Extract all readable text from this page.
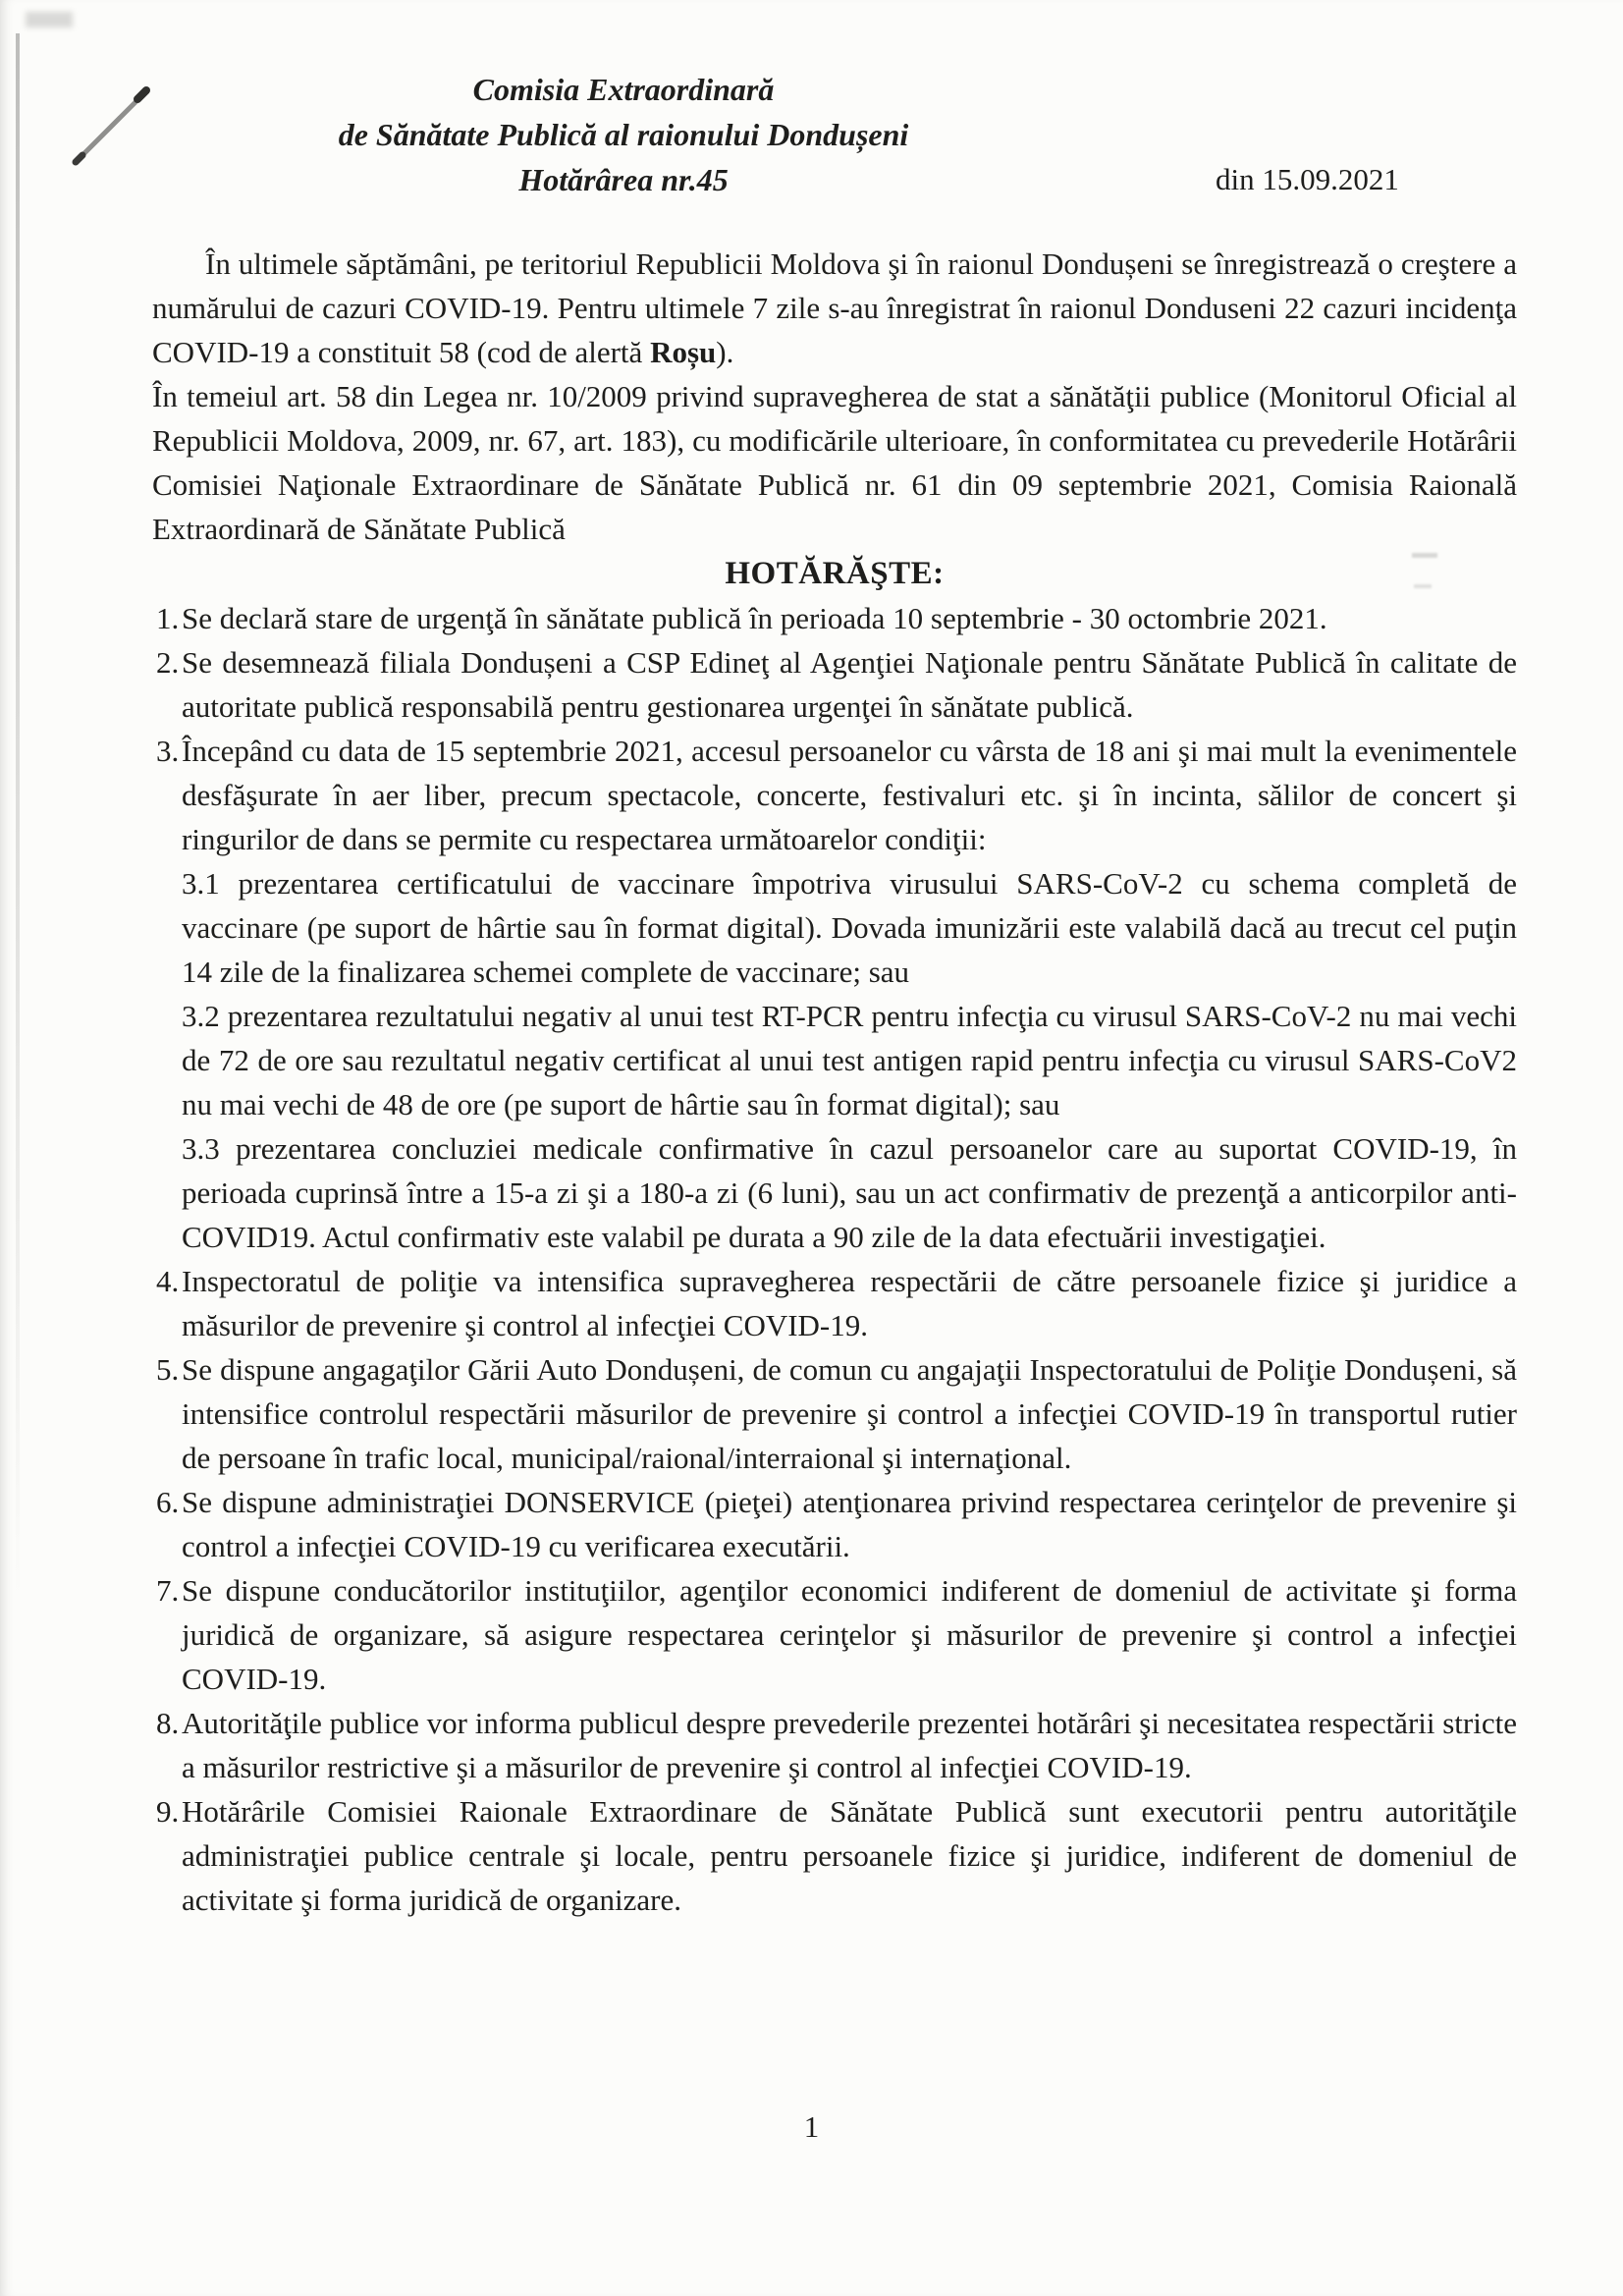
Comisia Extraordinară
de Sănătate Publică al raionului Dondușeni
Hotărârea nr.45	din 15.09.2021

În ultimele săptămâni, pe teritoriul Republicii Moldova şi în raionul Dondușeni se înregistrează o creştere a numărului de cazuri COVID-19. Pentru ultimele 7 zile s-au înregistrat în raionul Donduseni 22 cazuri incidenţa COVID-19 a constituit 58 (cod de alertă Roșu).

În temeiul art. 58 din Legea nr. 10/2009 privind supravegherea de stat a sănătăţii publice (Monitorul Oficial al Republicii Moldova, 2009, nr. 67, art. 183), cu modificările ulterioare, în conformitatea cu prevederile Hotărârii Comisiei Naţionale Extraordinare de Sănătate Publică nr. 61 din 09 septembrie 2021, Comisia Raională Extraordinară de Sănătate Publică

HOTĂRĂŞTE:
1. Se declară stare de urgenţă în sănătate publică în perioada 10 septembrie - 30 octombrie 2021.
2. Se desemnează filiala Dondușeni a CSP Edineţ al Agenţiei Naţionale pentru Sănătate Publică în calitate de autoritate publică responsabilă pentru gestionarea urgenţei în sănătate publică.
3. Începând cu data de 15 septembrie 2021, accesul persoanelor cu vârsta de 18 ani şi mai mult la evenimentele desfăşurate în aer liber, precum spectacole, concerte, festivaluri etc. şi în incinta, sălilor de concert şi ringurilor de dans se permite cu respectarea următoarelor condiţii:

3.1 prezentarea certificatului de vaccinare împotriva virusului SARS-CoV-2 cu schema completă de vaccinare (pe suport de hârtie sau în format digital). Dovada imunizării este valabilă dacă au trecut cel puţin 14 zile de la finalizarea schemei complete de vaccinare; sau

3.2 prezentarea rezultatului negativ al unui test RT-PCR pentru infecţia cu virusul SARS-CoV-2 nu mai vechi de 72 de ore sau rezultatul negativ certificat al unui test antigen rapid pentru infecţia cu virusul SARS-CoV2 nu mai vechi de 48 de ore (pe suport de hârtie sau în format digital); sau

3.3 prezentarea concluziei medicale confirmative în cazul persoanelor care au suportat COVID-19, în perioada cuprinsă între a 15-a zi şi a 180-a zi (6 luni), sau un act confirmativ de prezenţă a anticorpilor anti-COVID19. Actul confirmativ este valabil pe durata a 90 zile de la data efectuării investigaţiei.

4. Inspectoratul de poliţie va intensifica supravegherea respectării de către persoanele fizice şi juridice a măsurilor de prevenire şi control al infecţiei COVID-19.
5. Se dispune angagaţilor Gării Auto Dondușeni, de comun cu angajaţii Inspectoratului de Poliţie Dondușeni, să intensifice controlul respectării măsurilor de prevenire şi control a infecţiei COVID-19 în transportul rutier de persoane în trafic local, municipal/raional/interraional şi internaţional.
6. Se dispune administraţiei DONSERVICE (pieţei) atenţionarea privind respectarea cerinţelor de prevenire şi control a infecţiei COVID-19 cu verificarea executării.
7. Se dispune conducătorilor instituţiilor, agenţilor economici indiferent de domeniul de activitate şi forma juridică de organizare, să asigure respectarea cerinţelor şi măsurilor de prevenire şi control a infecţiei COVID-19.
8. Autorităţile publice vor informa publicul despre prevederile prezentei hotărâri şi necesitatea respectării stricte a măsurilor restrictive şi a măsurilor de prevenire şi control al infecţiei COVID-19.
9. Hotărârile Comisiei Raionale Extraordinare de Sănătate Publică sunt executorii pentru autorităţile administraţiei publice centrale şi locale, pentru persoanele fizice şi juridice, indiferent de domeniul de activitate şi forma juridică de organizare.
1
